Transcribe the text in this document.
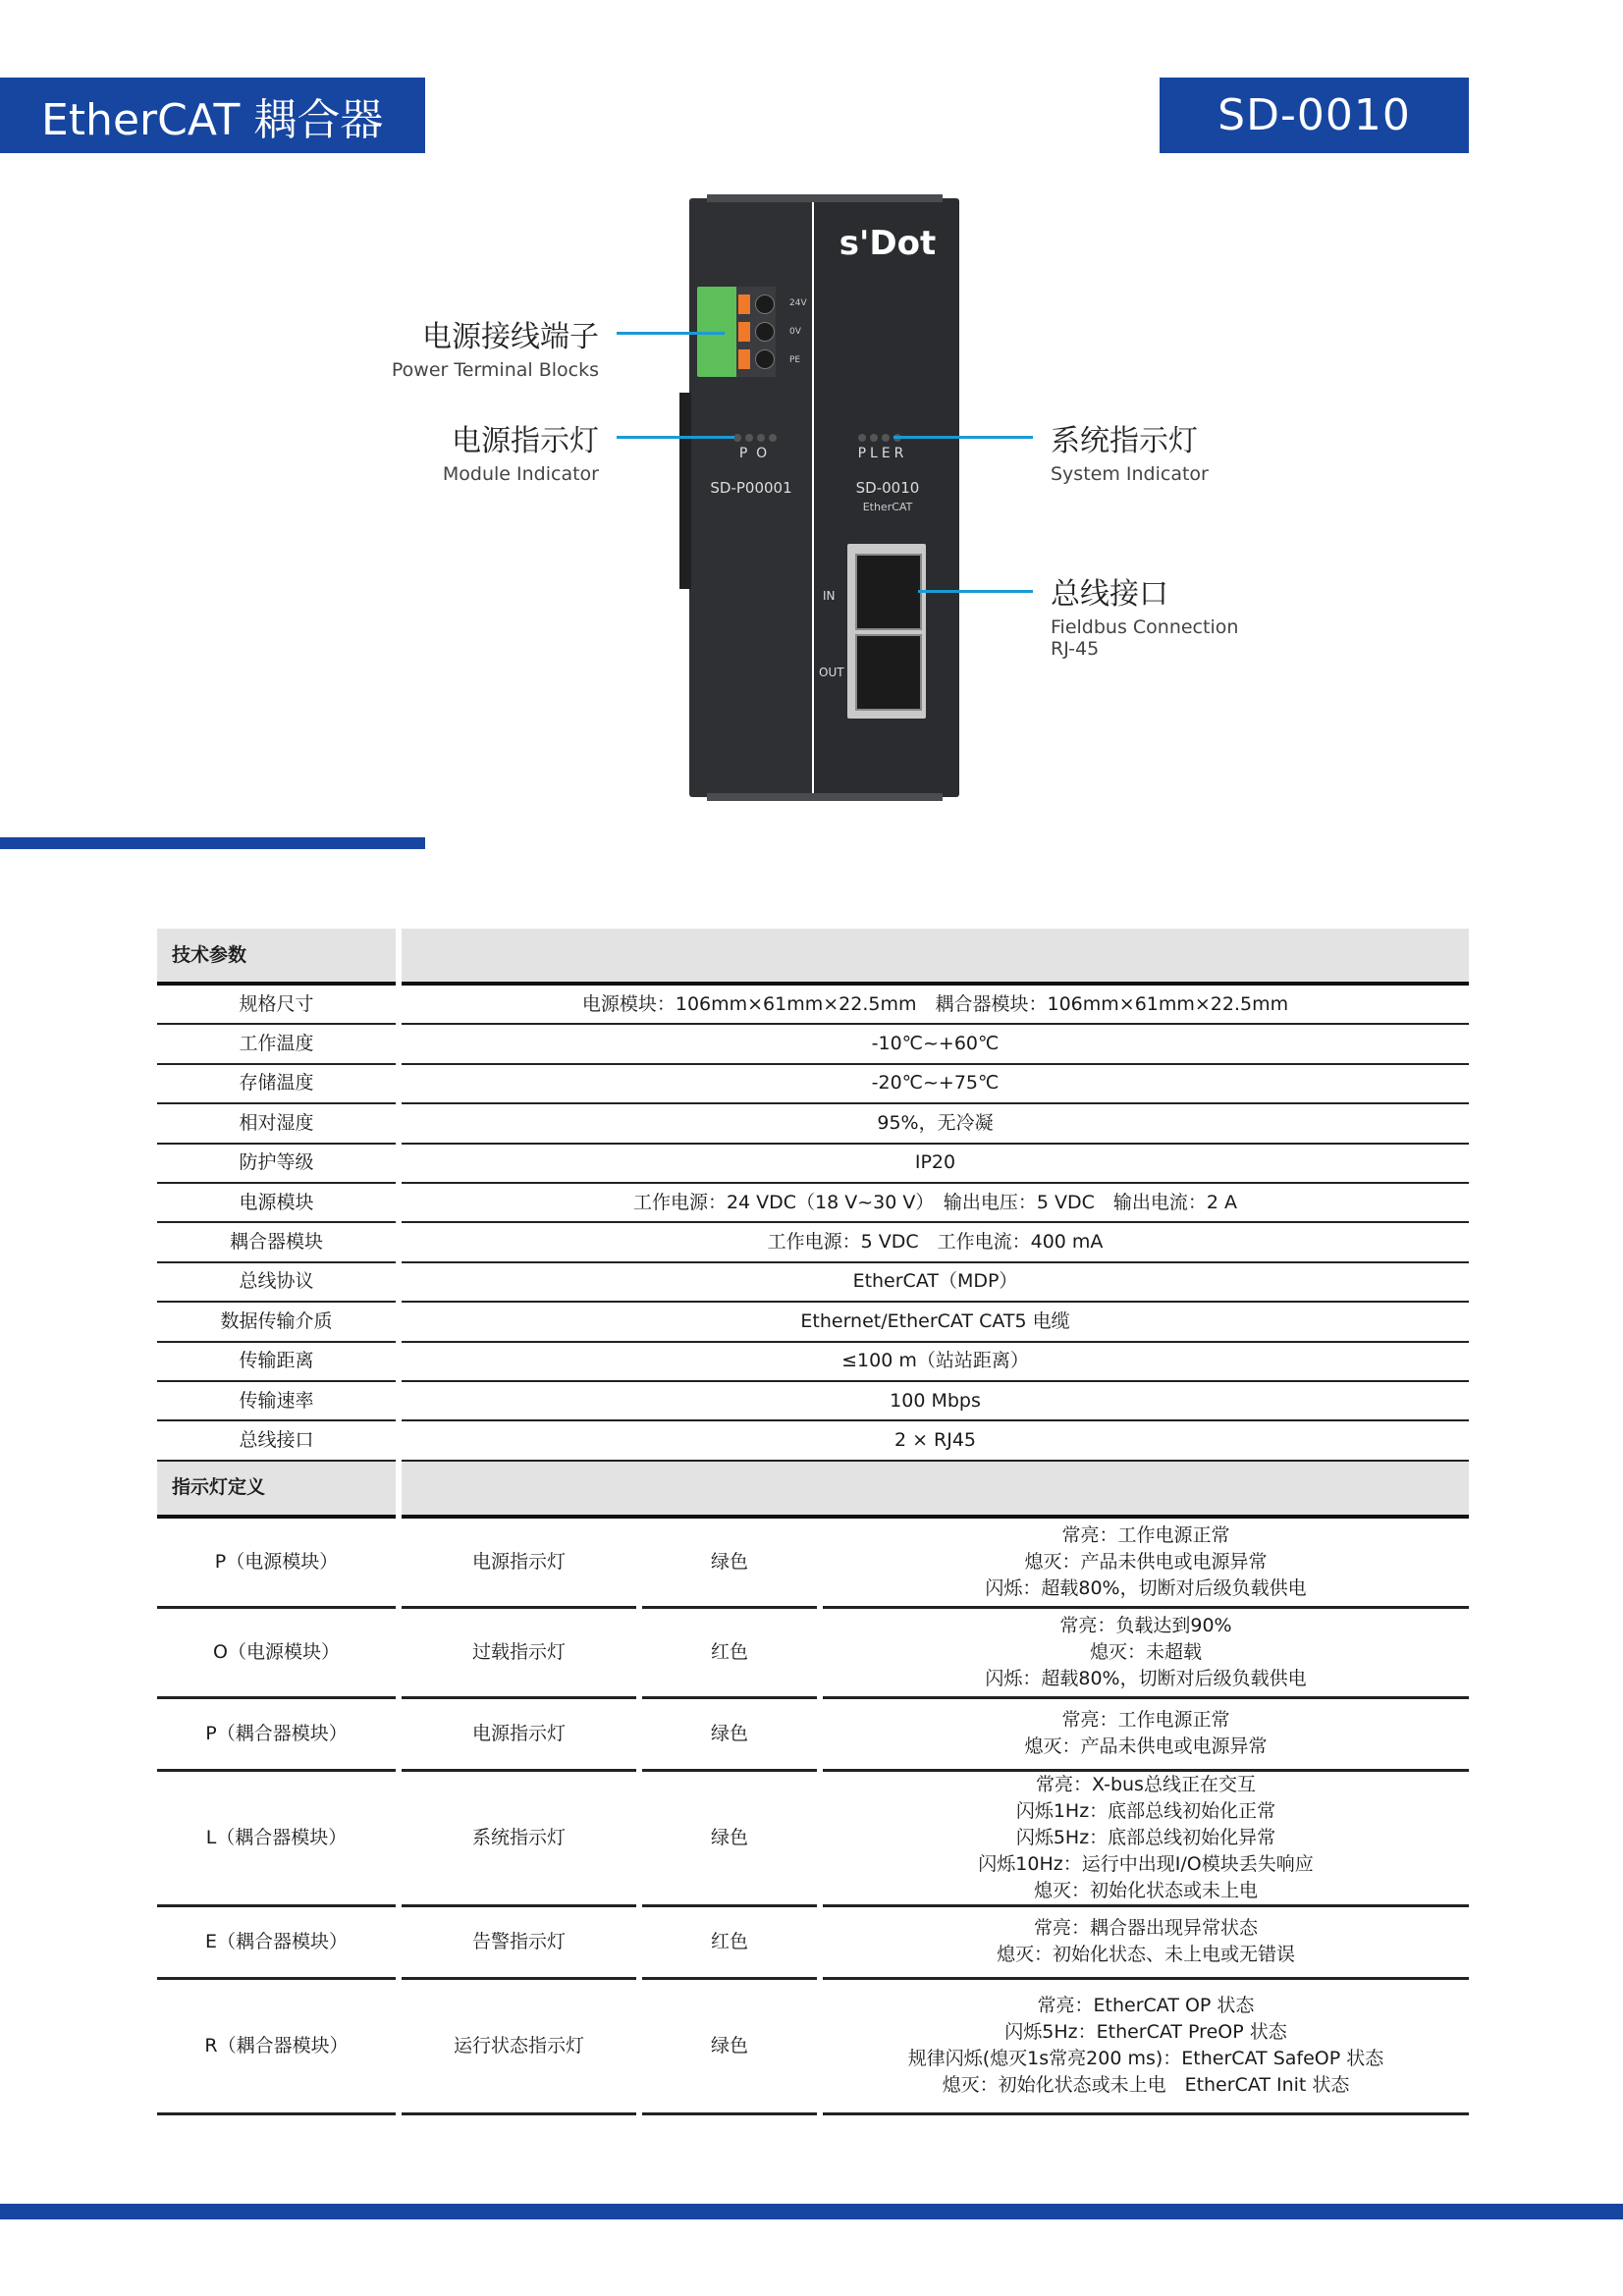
EtherCAT 耦合器	SD-0010
s'Dot
24V
0V
PE
P  O
SD-P00001
PLER
SD-0010
EtherCAT
IN
OUT
电源接线端子
Power Terminal Blocks
电源指示灯
Module Indicator
系统指示灯
System Indicator
总线接口
Fieldbus Connection
RJ-45
技术参数
规格尺寸	电源模块：106mm×61mm×22.5mm　耦合器模块：106mm×61mm×22.5mm
工作温度	-10℃~+60℃
存储温度	-20℃~+75℃
相对湿度	95%，无冷凝
防护等级	IP20
电源模块	工作电源：24 VDC（18 V~30 V）　输出电压：5 VDC　输出电流：2 A
耦合器模块	工作电源：5 VDC　工作电流：400 mA
总线协议	EtherCAT（MDP）
数据传输介质	Ethernet/EtherCAT CAT5 电缆
传输距离	≤100 m（站站距离）
传输速率	100 Mbps
总线接口	2 × RJ45
指示灯定义
P（电源模块）	电源指示灯	绿色
常亮：工作电源正常
熄灭：产品未供电或电源异常
闪烁：超载80%，切断对后级负载供电
O（电源模块）	过载指示灯	红色
常亮：负载达到90%
熄灭：未超载
闪烁：超载80%，切断对后级负载供电
P（耦合器模块）	电源指示灯	绿色
常亮：工作电源正常
熄灭：产品未供电或电源异常
L（耦合器模块）	系统指示灯	绿色
常亮：X-bus总线正在交互
闪烁1Hz：底部总线初始化正常
闪烁5Hz：底部总线初始化异常
闪烁10Hz：运行中出现I/O模块丢失响应
熄灭：初始化状态或未上电
E（耦合器模块）	告警指示灯	红色
常亮：耦合器出现异常状态
熄灭：初始化状态、未上电或无错误
R（耦合器模块）	运行状态指示灯	绿色
常亮：EtherCAT OP 状态
闪烁5Hz：EtherCAT PreOP 状态
规律闪烁(熄灭1s常亮200 ms)：EtherCAT SafeOP 状态
熄灭：初始化状态或未上电　EtherCAT Init 状态
